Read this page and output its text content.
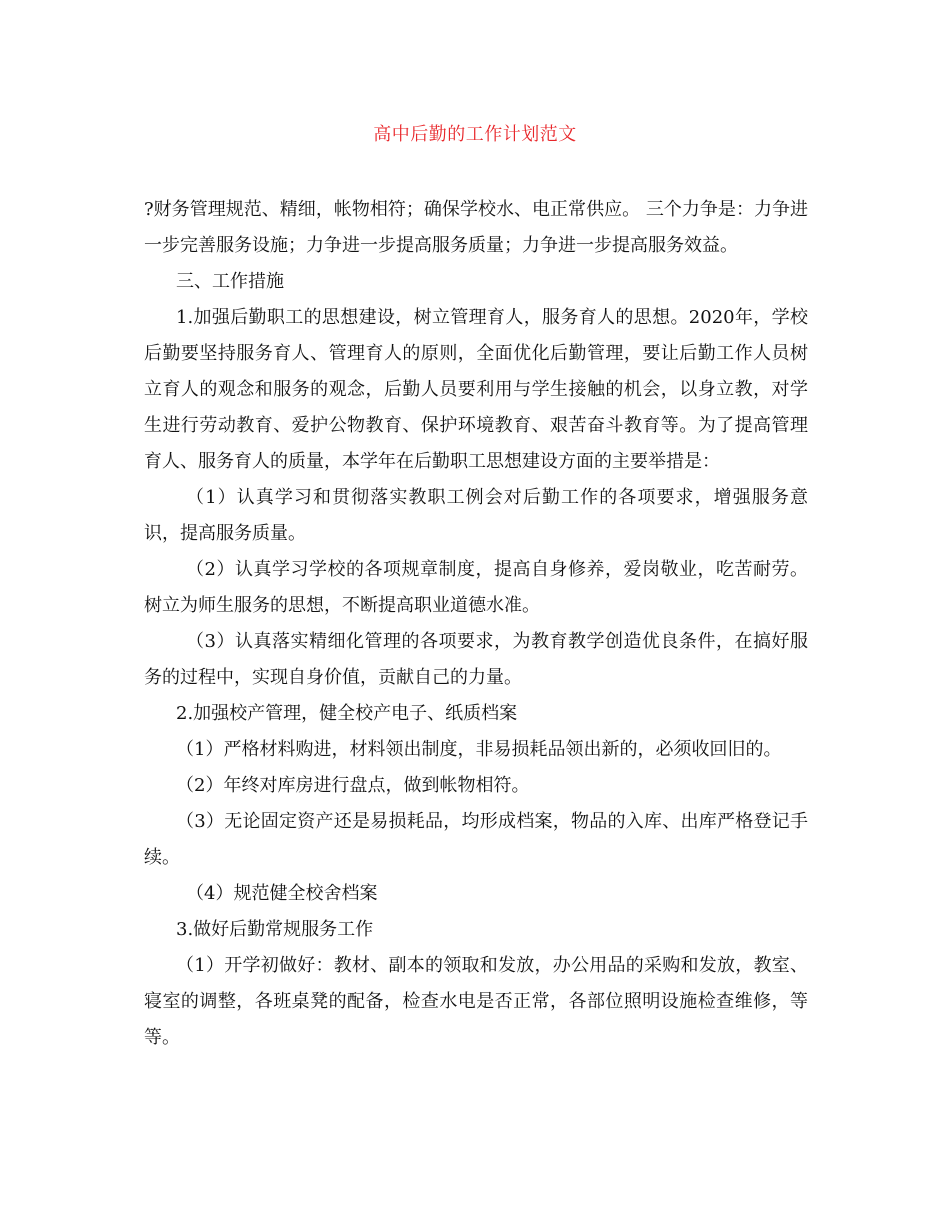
高中后勤的工作计划范文

?财务管理规范、精细，帐物相符；确保学校水、电正常供应。 三个力争是：力争进一步完善服务设施；力争进一步提高服务质量；力争进一步提高服务效益。

三、工作措施

1.加强后勤职工的思想建设，树立管理育人，服务育人的思想。2020年，学校后勤要坚持服务育人、管理育人的原则，全面优化后勤管理，要让后勤工作人员树立育人的观念和服务的观念，后勤人员要利用与学生接触的机会，以身立教，对学生进行劳动教育、爱护公物教育、保护环境教育、艰苦奋斗教育等。为了提高管理育人、服务育人的质量，本学年在后勤职工思想建设方面的主要举措是：

（1）认真学习和贯彻落实教职工例会对后勤工作的各项要求，增强服务意识，提高服务质量。

（2）认真学习学校的各项规章制度，提高自身修养，爱岗敬业，吃苦耐劳。树立为师生服务的思想，不断提高职业道德水准。

（3）认真落实精细化管理的各项要求，为教育教学创造优良条件，在搞好服务的过程中，实现自身价值，贡献自己的力量。

2.加强校产管理，健全校产电子、纸质档案

（1）严格材料购进，材料领出制度，非易损耗品领出新的，必须收回旧的。

（2）年终对库房进行盘点，做到帐物相符。

（3）无论固定资产还是易损耗品，均形成档案，物品的入库、出库严格登记手续。

（4）规范健全校舍档案

3.做好后勤常规服务工作

（1）开学初做好：教材、副本的领取和发放，办公用品的采购和发放，教室、寝室的调整，各班桌凳的配备，检查水电是否正常，各部位照明设施检查维修，等等。
